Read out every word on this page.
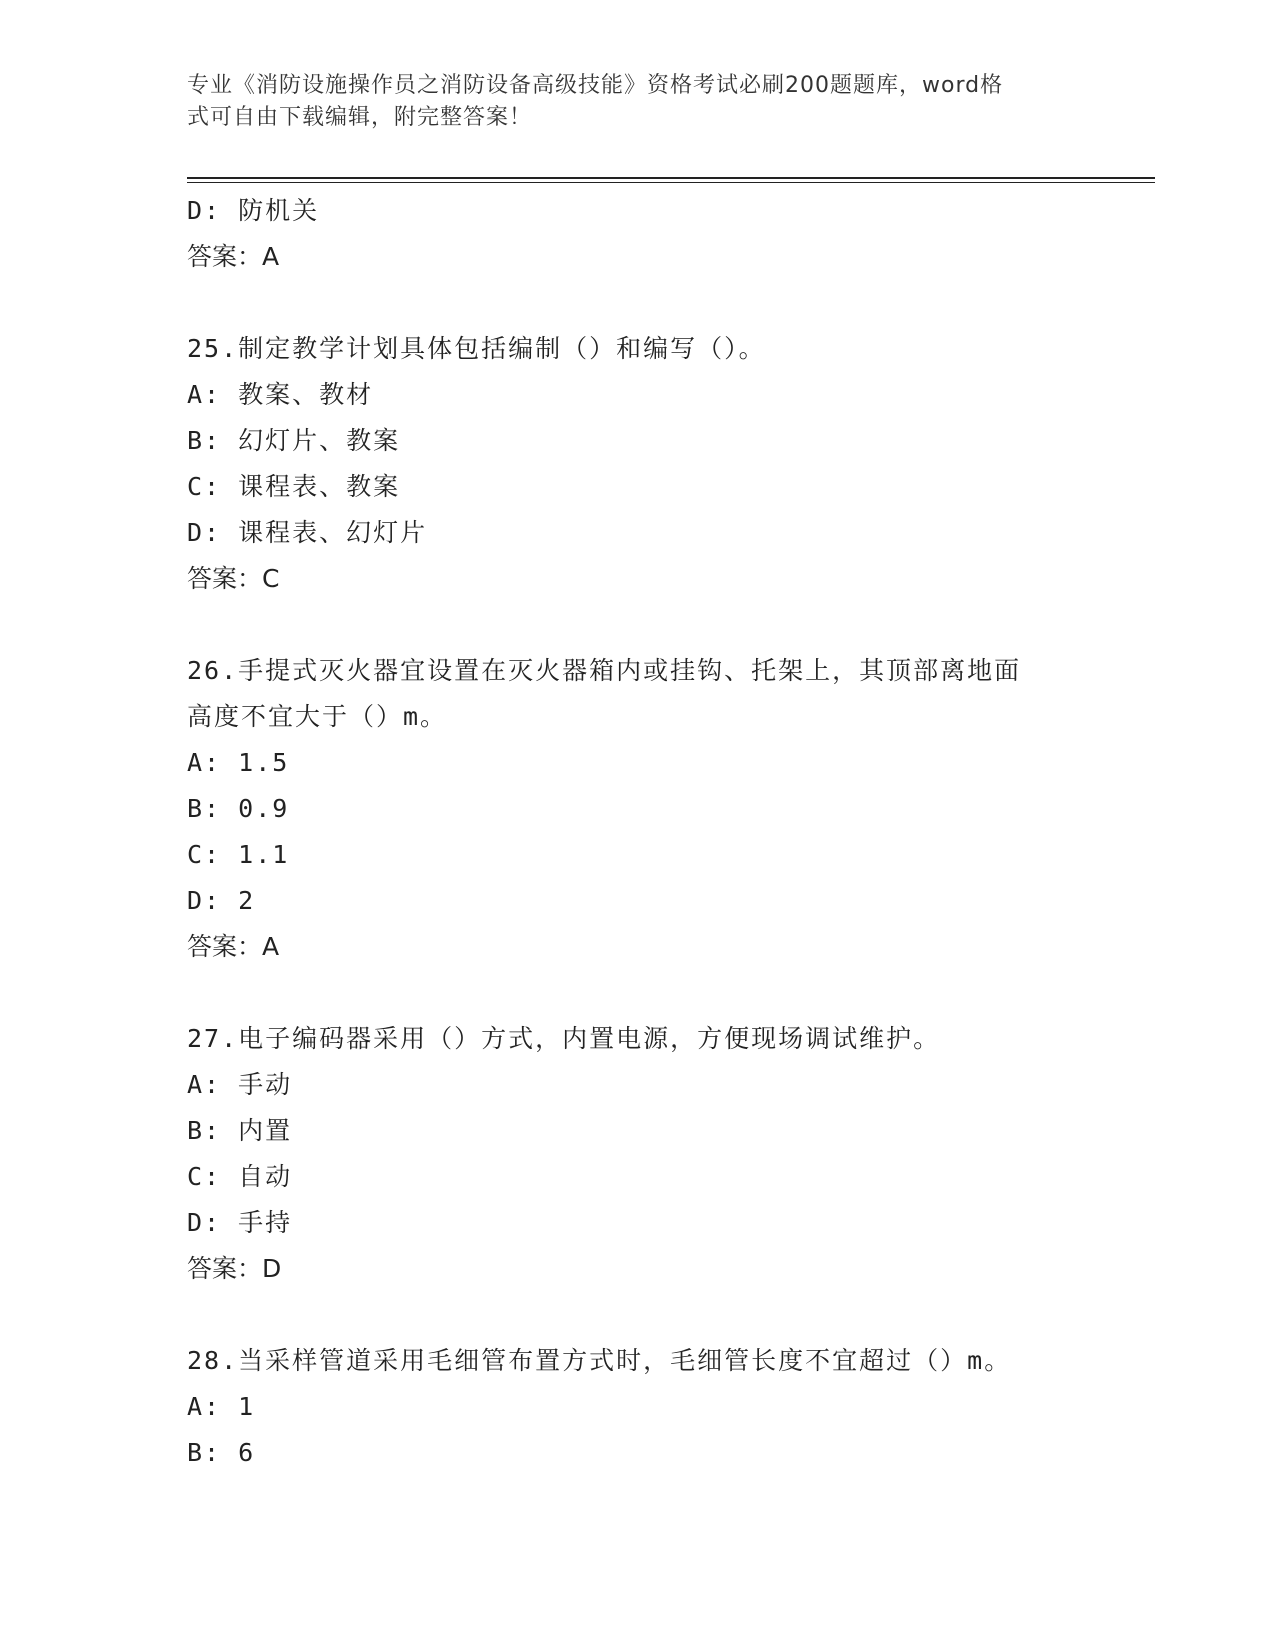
专业《消防设施操作员之消防设备高级技能》资格考试必刷200题题库，word格
式可自由下载编辑，附完整答案！
D: 防机关
答案：A
25.制定教学计划具体包括编制（）和编写（）。
A: 教案、教材
B: 幻灯片、教案
C: 课程表、教案
D: 课程表、幻灯片
答案：C
26.手提式灭火器宜设置在灭火器箱内或挂钩、托架上，其顶部离地面
高度不宜大于（）m。
A: 1.5
B: 0.9
C: 1.1
D: 2
答案：A
27.电子编码器采用（）方式，内置电源，方便现场调试维护。
A: 手动
B: 内置
C: 自动
D: 手持
答案：D
28.当采样管道采用毛细管布置方式时，毛细管长度不宜超过（）m。
A: 1
B: 6
